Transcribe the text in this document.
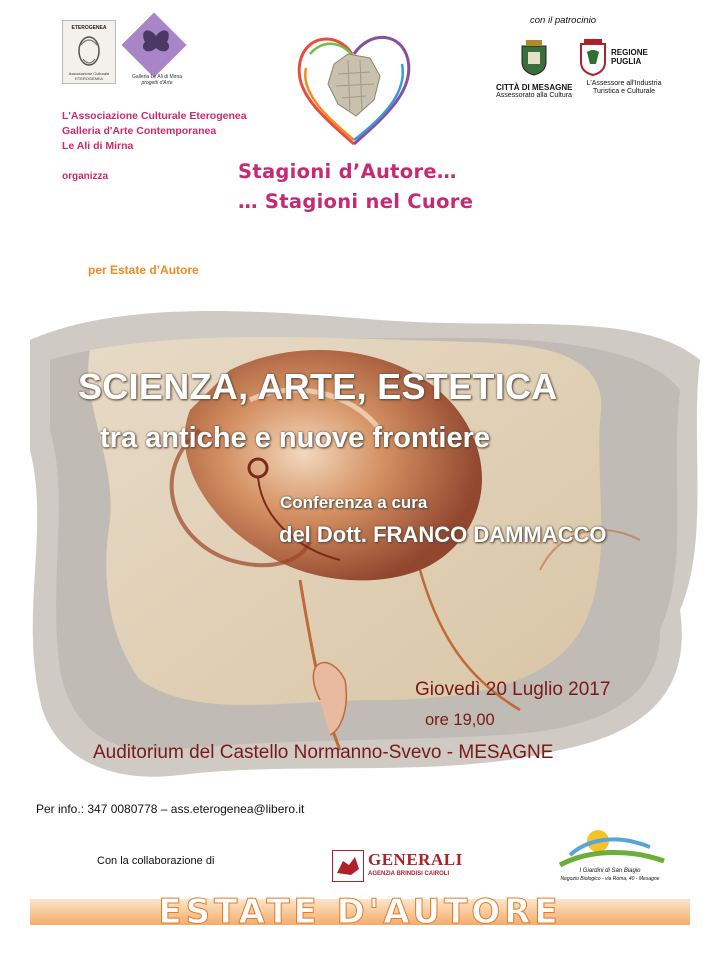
ETEROGENEA
Associazione Culturale ETEROGENEA	Galleria Le Ali di Mirna
progetti d'Arte
L'Associazione Culturale Eterogenea
Galleria d'Arte Contemporanea
Le Ali di Mirna
organizza
con il patrocinio
CITTÀ DI MESAGNE
Assessorato alla Cultura
REGIONE
PUGLIA
L'Assessore all'Industria
Turistica e Culturale
Stagioni d’Autore…
… Stagioni nel Cuore
per Estate d’Autore
SCIENZA, ARTE, ESTETICA
tra antiche e nuove frontiere
Conferenza a cura
del Dott. FRANCO DAMMACCO
Giovedì 20 Luglio 2017
ore 19,00
Auditorium del Castello Normanno-Svevo - MESAGNE
Per info.: 347 0080778 – ass.eterogenea@libero.it
Con la collaborazione di	GENERALI
AGENZIA BRINDISI CAIROLI	I Giardini di San Biagio
Negozio Biologico - via Roma, 40 - Mesagne
ESTATE D'AUTORE
